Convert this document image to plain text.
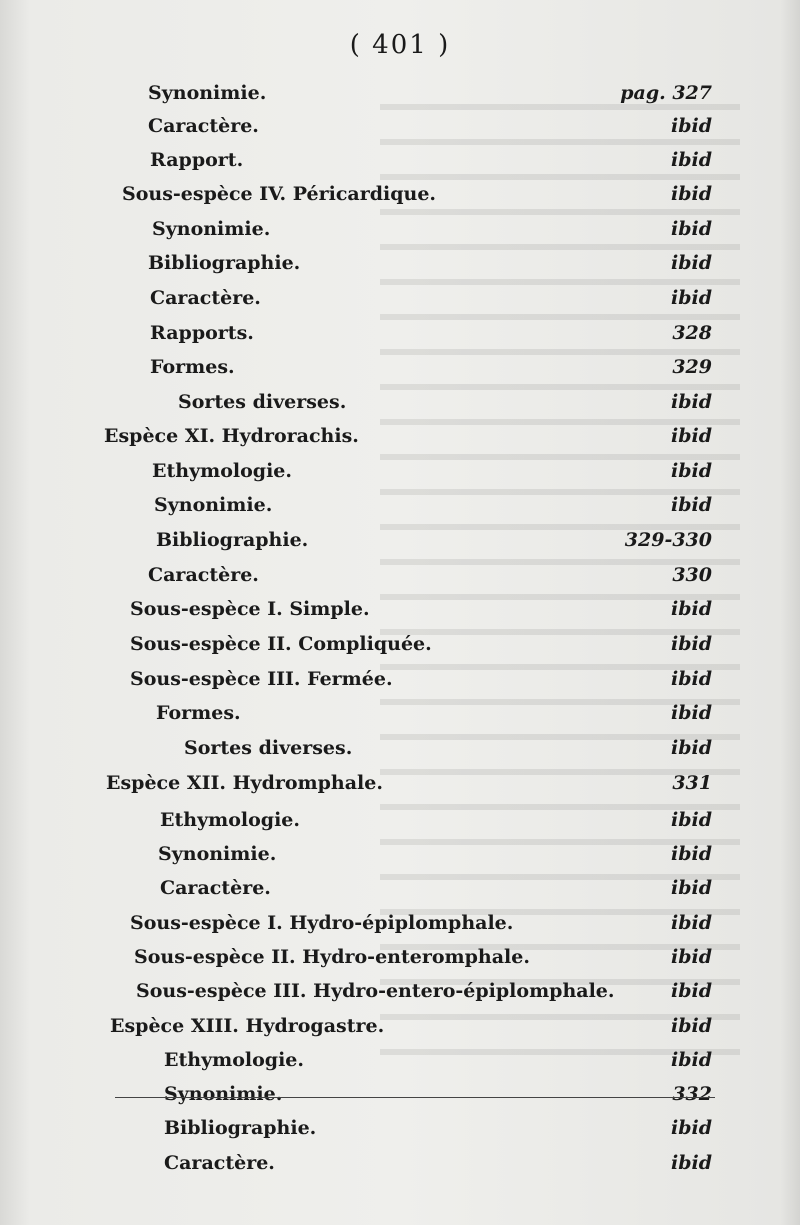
( 401 )
Synonimie.	pag. 327
Caractère.	ibid
Rapport.	ibid
Sous-espèce IV. Péricardique.	ibid
Synonimie.	ibid
Bibliographie.	ibid
Caractère.	ibid
Rapports.	328
Formes.	329
Sortes diverses.	ibid
Espèce XI. Hydrorachis.	ibid
Ethymologie.	ibid
Synonimie.	ibid
Bibliographie.	329-330
Caractère.	330
Sous-espèce I. Simple.	ibid
Sous-espèce II. Compliquée.	ibid
Sous-espèce III. Fermée.	ibid
Formes.	ibid
Sortes diverses.	ibid
Espèce XII. Hydromphale.	331
Ethymologie.	ibid
Synonimie.	ibid
Caractère.	ibid
Sous-espèce I. Hydro-épiplomphale.	ibid
Sous-espèce II. Hydro-enteromphale.	ibid
Sous-espèce III. Hydro-entero-épiplomphale.	ibid
Espèce XIII. Hydrogastre.	ibid
Ethymologie.	ibid
Synonimie.	332
Bibliographie.	ibid
Caractère.	ibid
